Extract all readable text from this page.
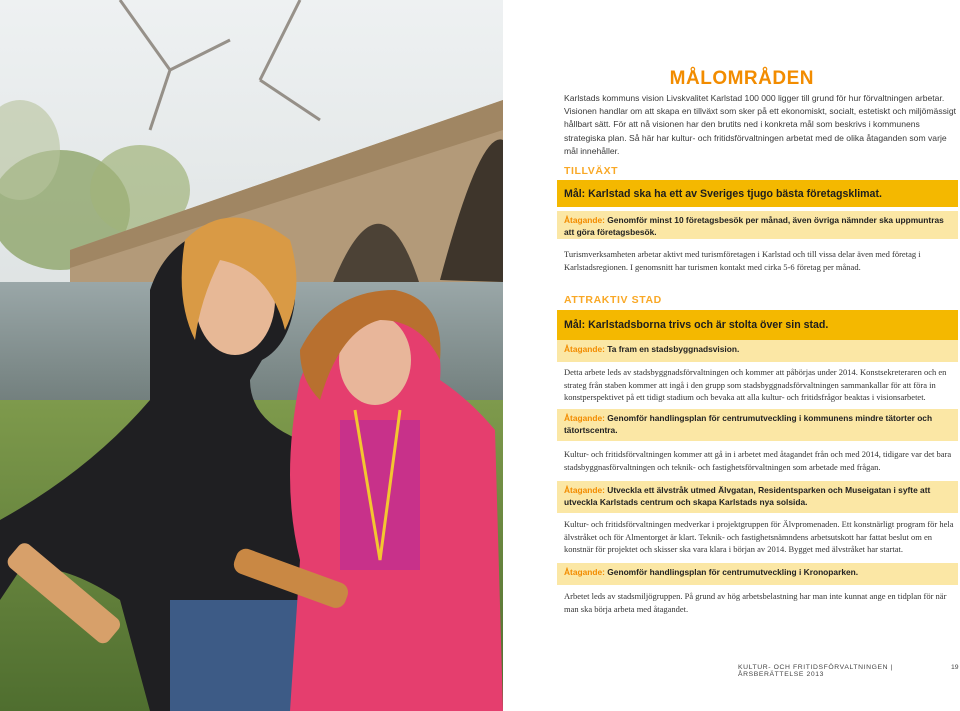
MÅLOMRÅDEN
Karlstads kommuns vision Livskvalitet Karlstad 100 000 ligger till grund för hur förvaltningen arbetar. Visionen handlar om att skapa en tillväxt som sker på ett ekonomiskt, socialt, estetiskt och miljömässigt hållbart sätt. För att nå visionen har den brutits ned i konkreta mål som beskrivs i kommunens strategiska plan. Så här har kultur- och fritidsförvaltningen arbetat med de olika åtaganden som varje mål innehåller.
TILLVÄXT
Mål: Karlstad ska ha ett av Sveriges tjugo bästa företagsklimat.
Åtagande: Genomför minst 10 företagsbesök per månad, även övriga nämnder ska uppmuntras att göra företagsbesök.
Turismverksamheten arbetar aktivt med turismföretagen i Karlstad och till vissa delar även med företag i Karlstadsregionen. I genomsnitt har turismen kontakt med cirka 5-6 företag per månad.
ATTRAKTIV STAD
Mål: Karlstadsborna trivs och är stolta över sin stad.
Åtagande: Ta fram en stadsbyggnadsvision.
Detta arbete leds av stadsbyggnadsförvaltningen och kommer att påbörjas under 2014. Konstsekreteraren och en strateg från staben kommer att ingå i den grupp som stadsbyggnadsförvaltningen sammankallar för att föra in konstperspektivet på ett tidigt stadium och bevaka att alla kultur- och fritidsfrågor beaktas i visionsarbetet.
Åtagande: Genomför handlingsplan för centrumutveckling i kommunens mindre tätorter och tätortscentra.
Kultur- och fritidsförvaltningen kommer att gå in i arbetet med åtagandet från och med 2014, tidigare var det bara stadsbyggnasförvaltningen och teknik- och fastighetsförvaltningen som arbetade med frågan.
Åtagande: Utveckla ett älvstråk utmed Älvgatan, Residentsparken och Museigatan i syfte att utveckla Karlstads centrum och skapa Karlstads nya solsida.
Kultur- och fritidsförvaltningen medverkar i projektgruppen för Älvpromenaden. Ett konstnärligt program för hela älvstråket och för Almentorget är klart. Teknik- och fastighetsnämndens arbetsutskott har fattat beslut om en konstnär för projektet och skisser ska vara klara i början av 2014. Bygget med älvstråket har startat.
Åtagande: Genomför handlingsplan för centrumutveckling i Kronoparken.
Arbetet leds av stadsmiljögruppen. På grund av hög arbetsbelastning har man inte kunnat ange en tidplan för när man ska börja arbeta med åtagandet.
KULTUR- OCH FRITIDSFÖRVALTNINGEN | ÅRSBERÄTTELSE 2013
19
